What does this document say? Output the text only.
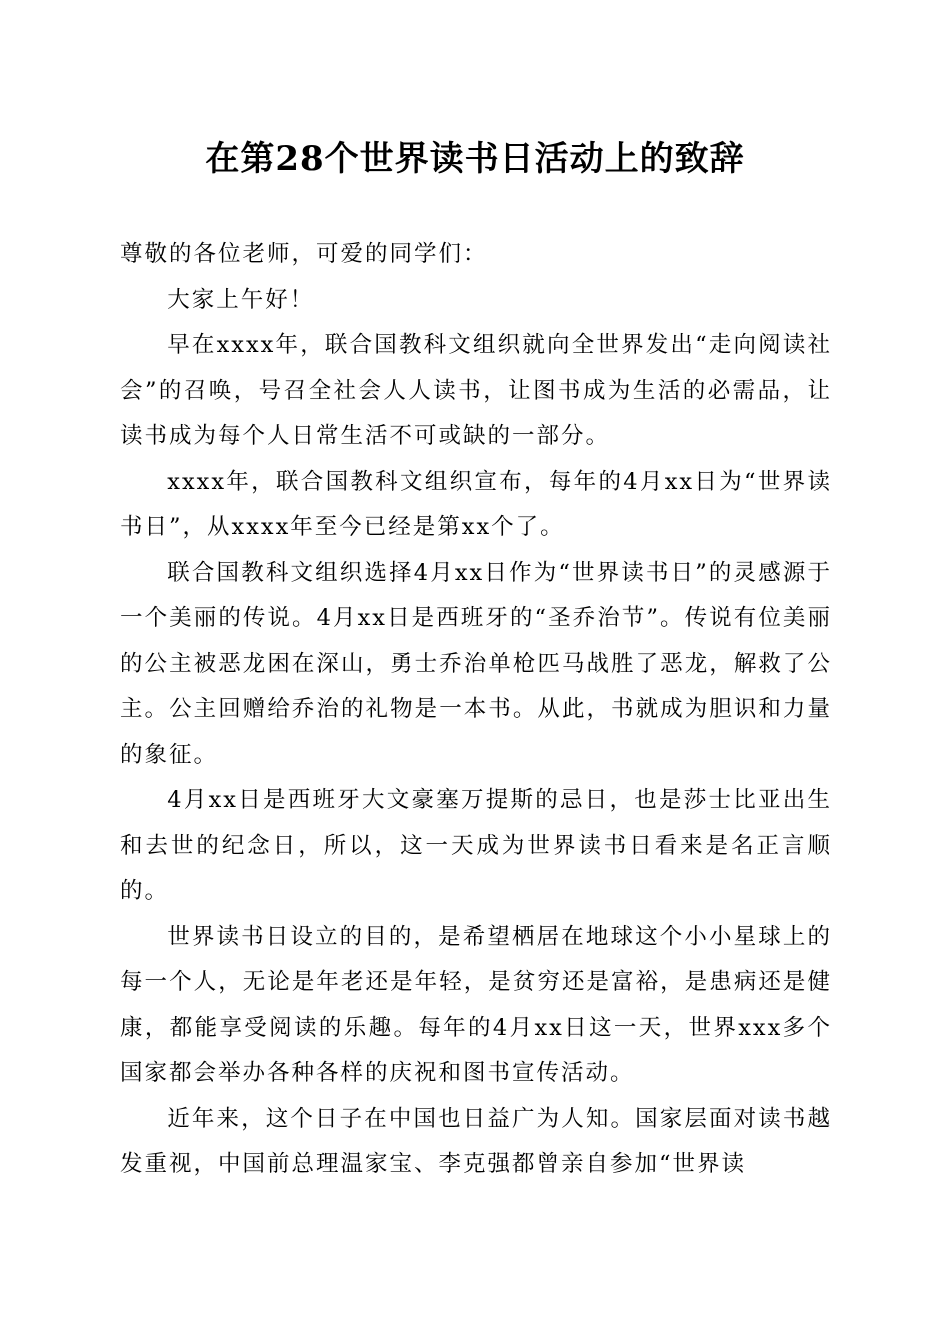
在第28个世界读书日活动上的致辞

尊敬的各位老师，可爱的同学们：

大家上午好！

早在xxxx年，联合国教科文组织就向全世界发出“走向阅读社会”的召唤，号召全社会人人读书，让图书成为生活的必需品，让读书成为每个人日常生活不可或缺的一部分。

xxxx年，联合国教科文组织宣布，每年的4月xx日为“世界读书日”，从xxxx年至今已经是第xx个了。

联合国教科文组织选择4月xx日作为“世界读书日”的灵感源于一个美丽的传说。4月xx日是西班牙的“圣乔治节”。传说有位美丽的公主被恶龙困在深山，勇士乔治单枪匹马战胜了恶龙，解救了公主。公主回赠给乔治的礼物是一本书。从此，书就成为胆识和力量的象征。

4月xx日是西班牙大文豪塞万提斯的忌日，也是莎士比亚出生和去世的纪念日，所以，这一天成为世界读书日看来是名正言顺的。

世界读书日设立的目的，是希望栖居在地球这个小小星球上的每一个人，无论是年老还是年轻，是贫穷还是富裕，是患病还是健康，都能享受阅读的乐趣。每年的4月xx日这一天，世界xxx多个国家都会举办各种各样的庆祝和图书宣传活动。

近年来，这个日子在中国也日益广为人知。国家层面对读书越发重视，中国前总理温家宝、李克强都曾亲自参加“世界读
